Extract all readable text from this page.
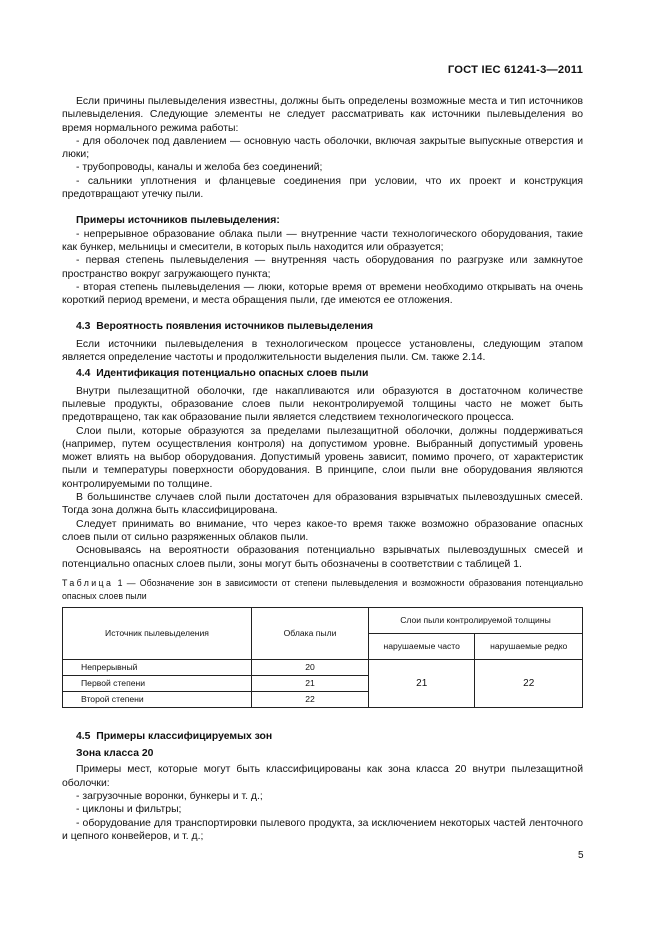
ГОСТ IEC 61241-3—2011

Если причины пылевыделения известны, должны быть определены возможные места и тип источников пылевыделения. Следующие элементы не следует рассматривать как источники пылевыделения во время нормального режима работы:

- для оболочек под давлением — основную часть оболочки, включая закрытые выпускные отверстия и люки;

- трубопроводы, каналы и желоба без соединений;

- сальники уплотнения и фланцевые соединения при условии, что их проект и конструкция предотвращают утечку пыли.

Примеры источников пылевыделения:

- непрерывное образование облака пыли — внутренние части технологического оборудования, такие как бункер, мельницы и смесители, в которых пыль находится или образуется;

- первая степень пылевыделения — внутренняя часть оборудования по разгрузке или замкнутое пространство вокруг загружающего пункта;

- вторая степень пылевыделения — люки, которые время от времени необходимо открывать на очень короткий период времени, и места обращения пыли, где имеются ее отложения.

4.3 Вероятность появления источников пылевыделения

Если источники пылевыделения в технологическом процессе установлены, следующим этапом является определение частоты и продолжительности выделения пыли. См. также 2.14.

4.4 Идентификация потенциально опасных слоев пыли

Внутри пылезащитной оболочки, где накапливаются или образуются в достаточном количестве пылевые продукты, образование слоев пыли неконтролируемой толщины часто не может быть предотвращено, так как образование пыли является следствием технологического процесса.

Слои пыли, которые образуются за пределами пылезащитной оболочки, должны поддерживаться (например, путем осуществления контроля) на допустимом уровне. Выбранный допустимый уровень может влиять на выбор оборудования. Допустимый уровень зависит, помимо прочего, от характеристик пыли и температуры поверхности оборудования. В принципе, слои пыли вне оборудования являются контролируемыми по толщине.

В большинстве случаев слой пыли достаточен для образования взрывчатых пылевоздушных смесей. Тогда зона должна быть классифицирована.

Следует принимать во внимание, что через какое-то время также возможно образование опасных слоев пыли от сильно разряженных облаков пыли.

Основываясь на вероятности образования потенциально взрывчатых пылевоздушных смесей и потенциально опасных слоев пыли, зоны могут быть обозначены в соответствии с таблицей 1.

Таблица 1 — Обозначение зон в зависимости от степени пылевыделения и возможности образования потенциально опасных слоев пыли

Источник пылевыделения	Облака пыли	Слои пыли контролируемой толщины	
		нарушаемые часто	нарушаемые редко
Непрерывный	20	21	22
Первой степени	21		
Второй степени	22		

4.5 Примеры классифицируемых зон

Зона класса 20

Примеры мест, которые могут быть классифицированы как зона класса 20 внутри пылезащитной оболочки:

- загрузочные воронки, бункеры и т. д.;

- циклоны и фильтры;

- оборудование для транспортировки пылевого продукта, за исключением некоторых частей ленточного и цепного конвейеров, и т. д.;

5
